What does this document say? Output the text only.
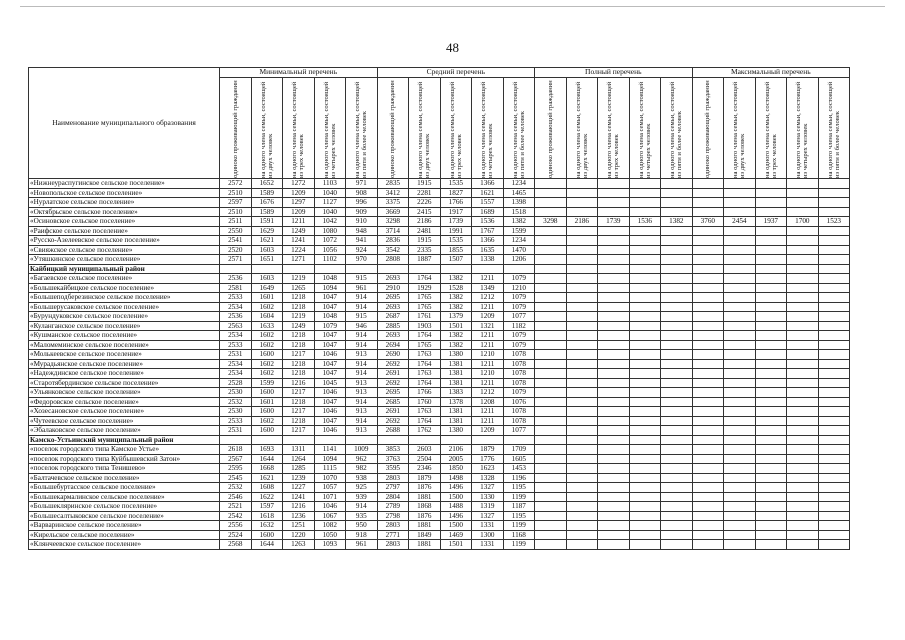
48
Наименование муниципального образования	Минимальный перечень					Средний перечень					Полный перечень					Максимальный перечень				

	одиноко проживающий гражданин	на одного члена семьи, состоящей из двух человек	на одного члена семьи, состоящей из трех человек	на одного члена семьи, состоящей из четырех человек	на одного члена семьи, состоящей из пяти и более человек	одиноко проживающий гражданин	на одного члена семьи, состоящей из двух человек	на одного члена семьи, состоящей из трех человек	на одного члена семьи, состоящей из четырех человек	на одного члена семьи, состоящей из пяти и более человек	одиноко проживающий гражданин	на одного члена семьи, состоящей из двух человек	на одного члена семьи, состоящей из трех человек	на одного члена семьи, состоящей из четырех человек	на одного члена семьи, состоящей из пяти и более человек	одиноко проживающий гражданин	на одного члена семьи, состоящей из двух человек	на одного члена семьи, состоящей из трех человек	на одного члена семьи, состоящей из четырех человек	на одного члена семьи, состоящей из пяти и более человек

«Нижнеураспугинское сельское поселение»	2572	1652	1272	1103	971	2835	1915	1535	1366	1234										
«Новопольское сельское поселение»	2510	1589	1209	1040	908	3412	2281	1827	1621	1465										
«Нурлатское сельское поселение»	2597	1676	1297	1127	996	3375	2226	1766	1557	1398										
«Октябрьское сельское поселение»	2510	1589	1209	1040	909	3669	2415	1917	1689	1518										
«Осиновское сельское поселение»	2511	1591	1211	1042	910	3298	2186	1739	1536	1382	3298	2186	1739	1536	1382	3760	2454	1937	1700	1523
«Раифское сельское поселение»	2550	1629	1249	1080	948	3714	2481	1991	1767	1599										
«Русско-Азелеевское сельское поселение»	2541	1621	1241	1072	941	2836	1915	1535	1366	1234										
«Свияжское сельское поселение»	2520	1603	1224	1056	924	3542	2335	1855	1635	1470										
«Утяшкинское сельское поселение»	2571	1651	1271	1102	970	2808	1887	1507	1338	1206										
Кайбицкий муниципальный район																				
«Багаевское сельское поселение»	2536	1603	1219	1048	915	2693	1764	1382	1211	1079										
«Большекайбицкое сельское поселение»	2581	1649	1265	1094	961	2910	1929	1528	1349	1210										
«Большеподберезинское сельское поселение»	2533	1601	1218	1047	914	2695	1765	1382	1212	1079										
«Большерусаковское сельское поселение»	2534	1602	1218	1047	914	2693	1765	1382	1211	1079										
«Бурундуковское сельское поселение»	2536	1604	1219	1048	915	2687	1761	1379	1209	1077										
«Куланганское сельское поселение»	2563	1633	1249	1079	946	2885	1903	1501	1321	1182										
«Кушманское сельское поселение»	2534	1602	1218	1047	914	2693	1764	1382	1211	1079										
«Маломеминское сельское поселение»	2533	1602	1218	1047	914	2694	1765	1382	1211	1079										
«Молькеевское сельское поселение»	2531	1600	1217	1046	913	2690	1763	1380	1210	1078										
«Мурадьянское сельское поселение»	2534	1602	1218	1047	914	2692	1764	1381	1211	1078										
«Надеждинское сельское поселение»	2534	1602	1218	1047	914	2691	1763	1381	1210	1078										
«Старотябердинское сельское поселение»	2528	1599	1216	1045	913	2692	1764	1381	1211	1078										
«Ульянковское сельское поселение»	2530	1600	1217	1046	913	2695	1766	1383	1212	1079										
«Федоровское сельское поселение»	2532	1601	1218	1047	914	2685	1760	1378	1208	1076										
«Хозесановское сельское поселение»	2530	1600	1217	1046	913	2691	1763	1381	1211	1078										
«Чутеевское сельское поселение»	2533	1602	1218	1047	914	2692	1764	1381	1211	1078										
«Эбалаковское сельское поселение»	2531	1600	1217	1046	913	2688	1762	1380	1209	1077										
Камско-Устьинский муниципальный район																				
«поселок городского типа Камское Устье»	2618	1693	1311	1141	1009	3853	2603	2106	1879	1709										
«поселок городского типа Куйбышевский Затон»	2567	1644	1264	1094	962	3763	2504	2005	1776	1605										
«поселок городского типа Тенишево»	2595	1668	1285	1115	982	3595	2346	1850	1623	1453										
«Балтачевское сельское поселение»	2545	1621	1239	1070	938	2803	1879	1498	1328	1196										
«Большебуртасское сельское поселение»	2532	1608	1227	1057	925	2797	1876	1496	1327	1195										
«Большекармалинское сельское поселение»	2546	1622	1241	1071	939	2804	1881	1500	1330	1199										
«Большекляринское сельское поселение»	2521	1597	1216	1046	914	2789	1868	1488	1319	1187										
«Большесалтыковское сельское поселение»	2542	1618	1236	1067	935	2798	1876	1496	1327	1195										
«Варваринское сельское поселение»	2556	1632	1251	1082	950	2803	1881	1500	1331	1199										
«Кирельское сельское поселение»	2524	1600	1220	1050	918	2771	1849	1469	1300	1168										
«Клянчеевское сельское поселение»	2568	1644	1263	1093	961	2803	1881	1501	1331	1199										
